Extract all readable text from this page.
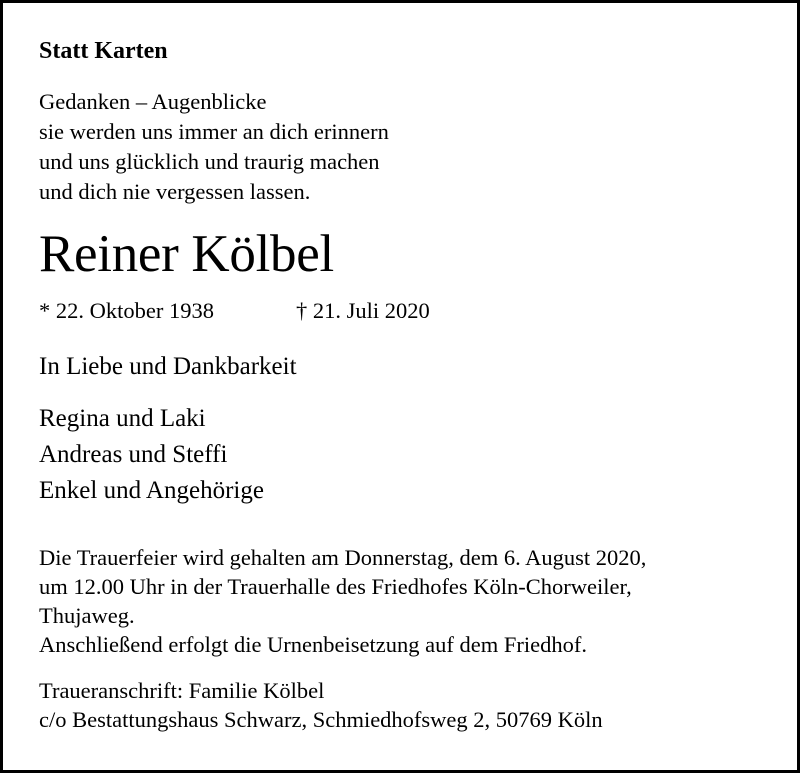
Statt Karten

Gedanken – Augenblicke
sie werden uns immer an dich erinnern
und uns glücklich und traurig machen
und dich nie vergessen lassen.

Reiner Kölbel

* 22. Oktober 1938	† 21. Juli 2020

In Liebe und Dankbarkeit

Regina und Laki
Andreas und Steffi
Enkel und Angehörige
Die Trauerfeier wird gehalten am Donnerstag, dem 6. August 2020,
um 12.00 Uhr in der Trauerhalle des Friedhofes Köln-Chorweiler,
Thujaweg.
Anschließend erfolgt die Urnenbeisetzung auf dem Friedhof.
Traueranschrift: Familie Kölbel
c/o Bestattungshaus Schwarz, Schmiedhofsweg 2, 50769 Köln
